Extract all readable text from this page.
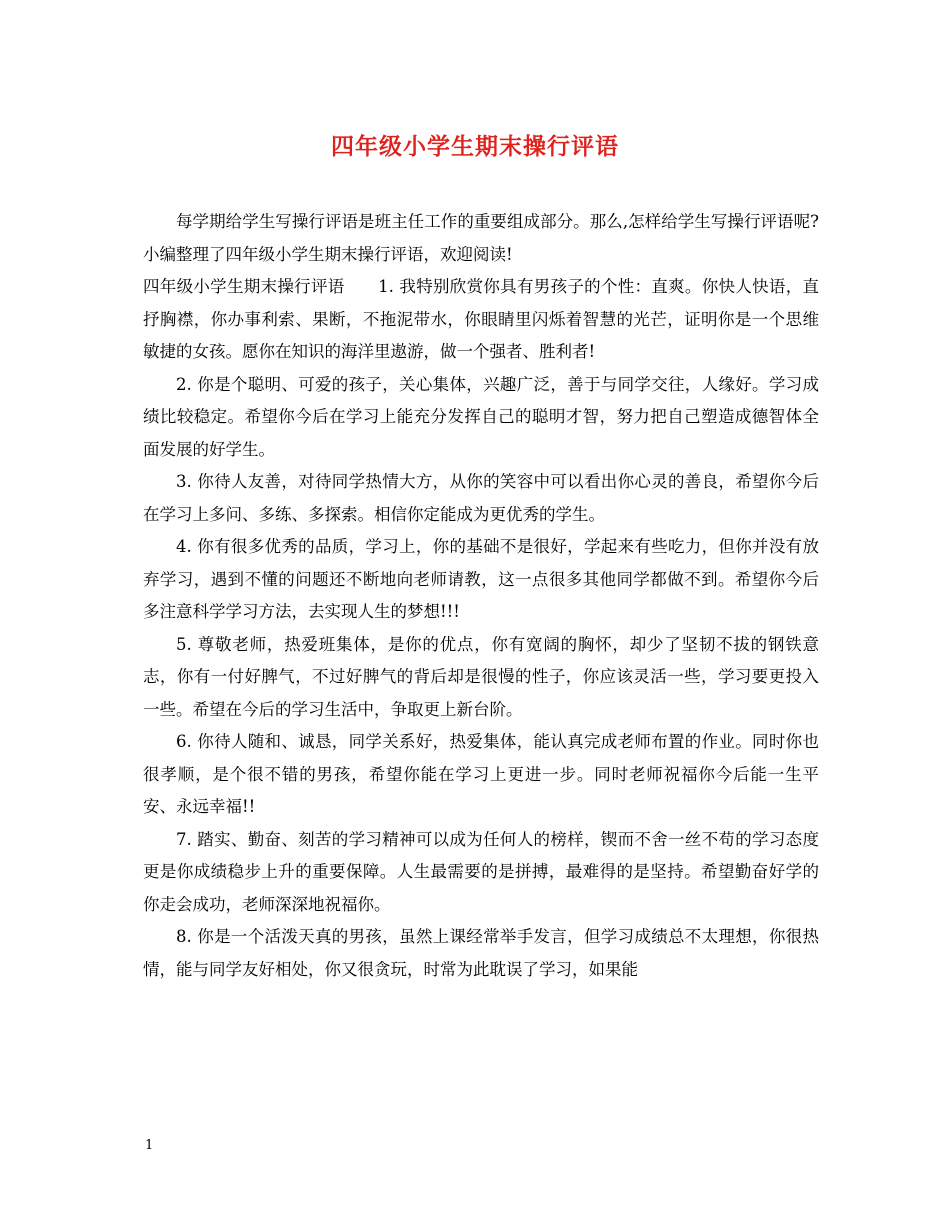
四年级小学生期末操行评语

每学期给学生写操行评语是班主任工作的重要组成部分。那么,怎样给学生写操行评语呢?小编整理了四年级小学生期末操行评语，欢迎阅读!

四年级小学生期末操行评语　　1. 我特别欣赏你具有男孩子的个性：直爽。你快人快语，直抒胸襟，你办事利索、果断，不拖泥带水，你眼睛里闪烁着智慧的光芒，证明你是一个思维敏捷的女孩。愿你在知识的海洋里遨游，做一个强者、胜利者!

2. 你是个聪明、可爱的孩子，关心集体，兴趣广泛，善于与同学交往，人缘好。学习成绩比较稳定。希望你今后在学习上能充分发挥自己的聪明才智，努力把自己塑造成德智体全面发展的好学生。

3. 你待人友善，对待同学热情大方，从你的笑容中可以看出你心灵的善良，希望你今后在学习上多问、多练、多探索。相信你定能成为更优秀的学生。

4. 你有很多优秀的品质，学习上，你的基础不是很好，学起来有些吃力，但你并没有放弃学习，遇到不懂的问题还不断地向老师请教，这一点很多其他同学都做不到。希望你今后多注意科学学习方法，去实现人生的梦想!!!

5. 尊敬老师，热爱班集体，是你的优点，你有宽阔的胸怀，却少了坚韧不拔的钢铁意志，你有一付好脾气，不过好脾气的背后却是很慢的性子，你应该灵活一些，学习要更投入一些。希望在今后的学习生活中，争取更上新台阶。

6. 你待人随和、诚恳，同学关系好，热爱集体，能认真完成老师布置的作业。同时你也很孝顺，是个很不错的男孩，希望你能在学习上更进一步。同时老师祝福你今后能一生平安、永远幸福!!

7. 踏实、勤奋、刻苦的学习精神可以成为任何人的榜样，锲而不舍一丝不苟的学习态度更是你成绩稳步上升的重要保障。人生最需要的是拼搏，最难得的是坚持。希望勤奋好学的你走会成功，老师深深地祝福你。

8. 你是一个活泼天真的男孩，虽然上课经常举手发言，但学习成绩总不太理想，你很热情，能与同学友好相处，你又很贪玩，时常为此耽误了学习，如果能

1
